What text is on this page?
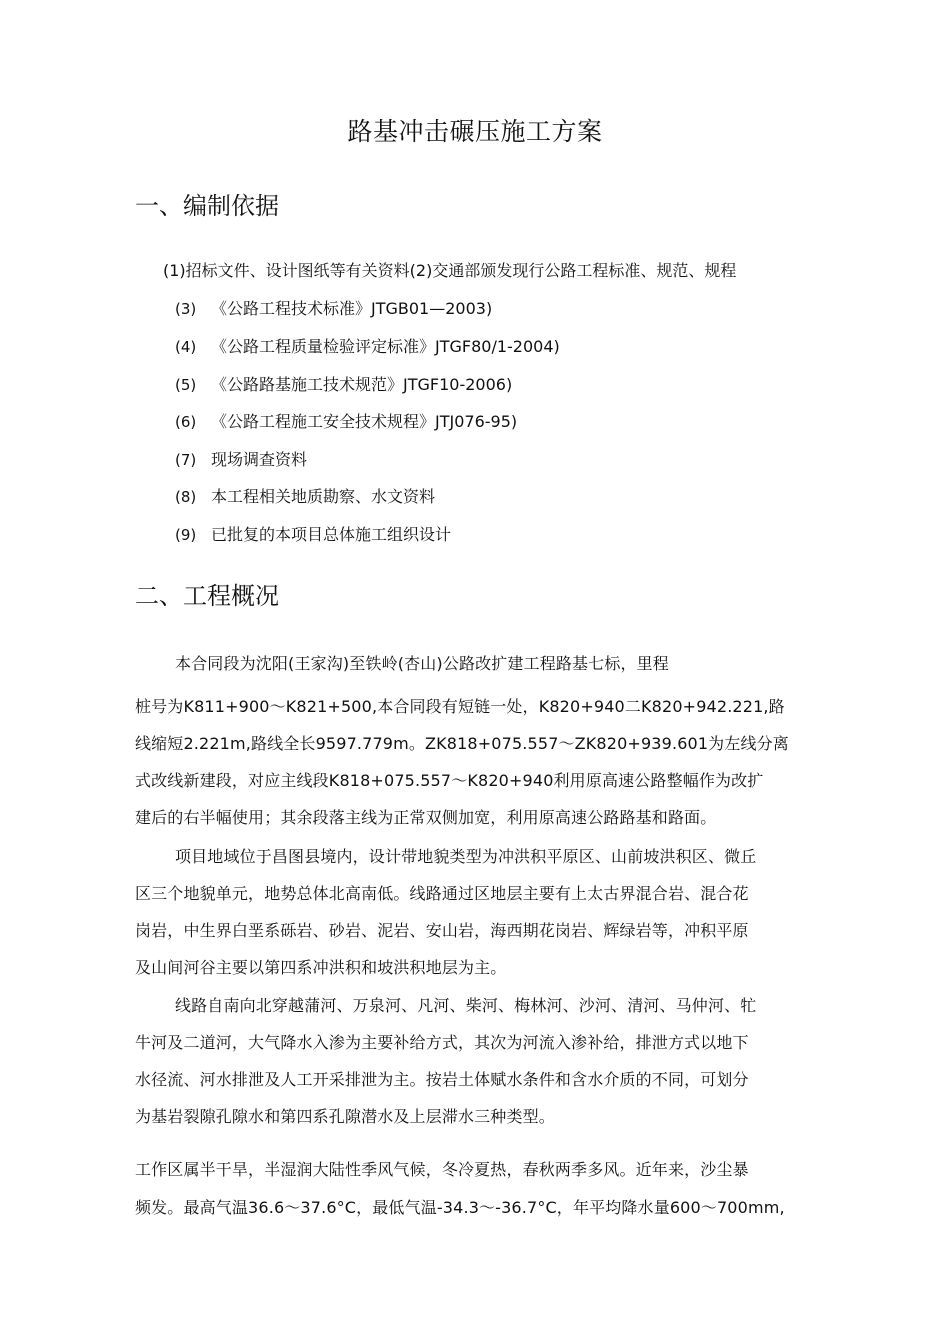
路基冲击碾压施工方案
一、编制依据
(1)招标文件、设计图纸等有关资料(2)交通部颁发现行公路工程标准、规范、规程
(3) 《公路工程技术标准》JTGB01—2003)
(4) 《公路工程质量检验评定标准》JTGF80/1-2004)
(5) 《公路路基施工技术规范》JTGF10-2006)
(6) 《公路工程施工安全技术规程》JTJ076-95)
(7) 现场调查资料
(8) 本工程相关地质勘察、水文资料
(9) 已批复的本项目总体施工组织设计
二、工程概况
本合同段为沈阳(王家沟)至铁岭(杏山)公路改扩建工程路基七标，里程
桩号为K811+900〜K821+500,本合同段有短链一处，K820+940二K820+942.221,路
线缩短2.221m,路线全长9597.779m。ZK818+075.557〜ZK820+939.601为左线分离
式改线新建段，对应主线段K818+075.557〜K820+940利用原高速公路整幅作为改扩
建后的右半幅使用；其余段落主线为正常双侧加宽，利用原高速公路路基和路面。
项目地域位于昌图县境内，设计带地貌类型为冲洪积平原区、山前坡洪积区、微丘
区三个地貌单元，地势总体北高南低。线路通过区地层主要有上太古界混合岩、混合花
岗岩，中生界白垩系砾岩、砂岩、泥岩、安山岩，海西期花岗岩、辉绿岩等，冲积平原
及山间河谷主要以第四系冲洪积和坡洪积地层为主。
线路自南向北穿越蒲河、万泉河、凡河、柴河、梅林河、沙河、清河、马仲河、牤
牛河及二道河，大气降水入渗为主要补给方式，其次为河流入渗补给，排泄方式以地下
水径流、河水排泄及人工开采排泄为主。按岩土体赋水条件和含水介质的不同，可划分
为基岩裂隙孔隙水和第四系孔隙潜水及上层滞水三种类型。
工作区属半干旱，半湿润大陆性季风气候，冬冷夏热，春秋两季多风。近年来，沙尘暴
频发。最高气温36.6〜37.6°C，最低气温-34.3〜-36.7°C，年平均降水量600〜700mm,
